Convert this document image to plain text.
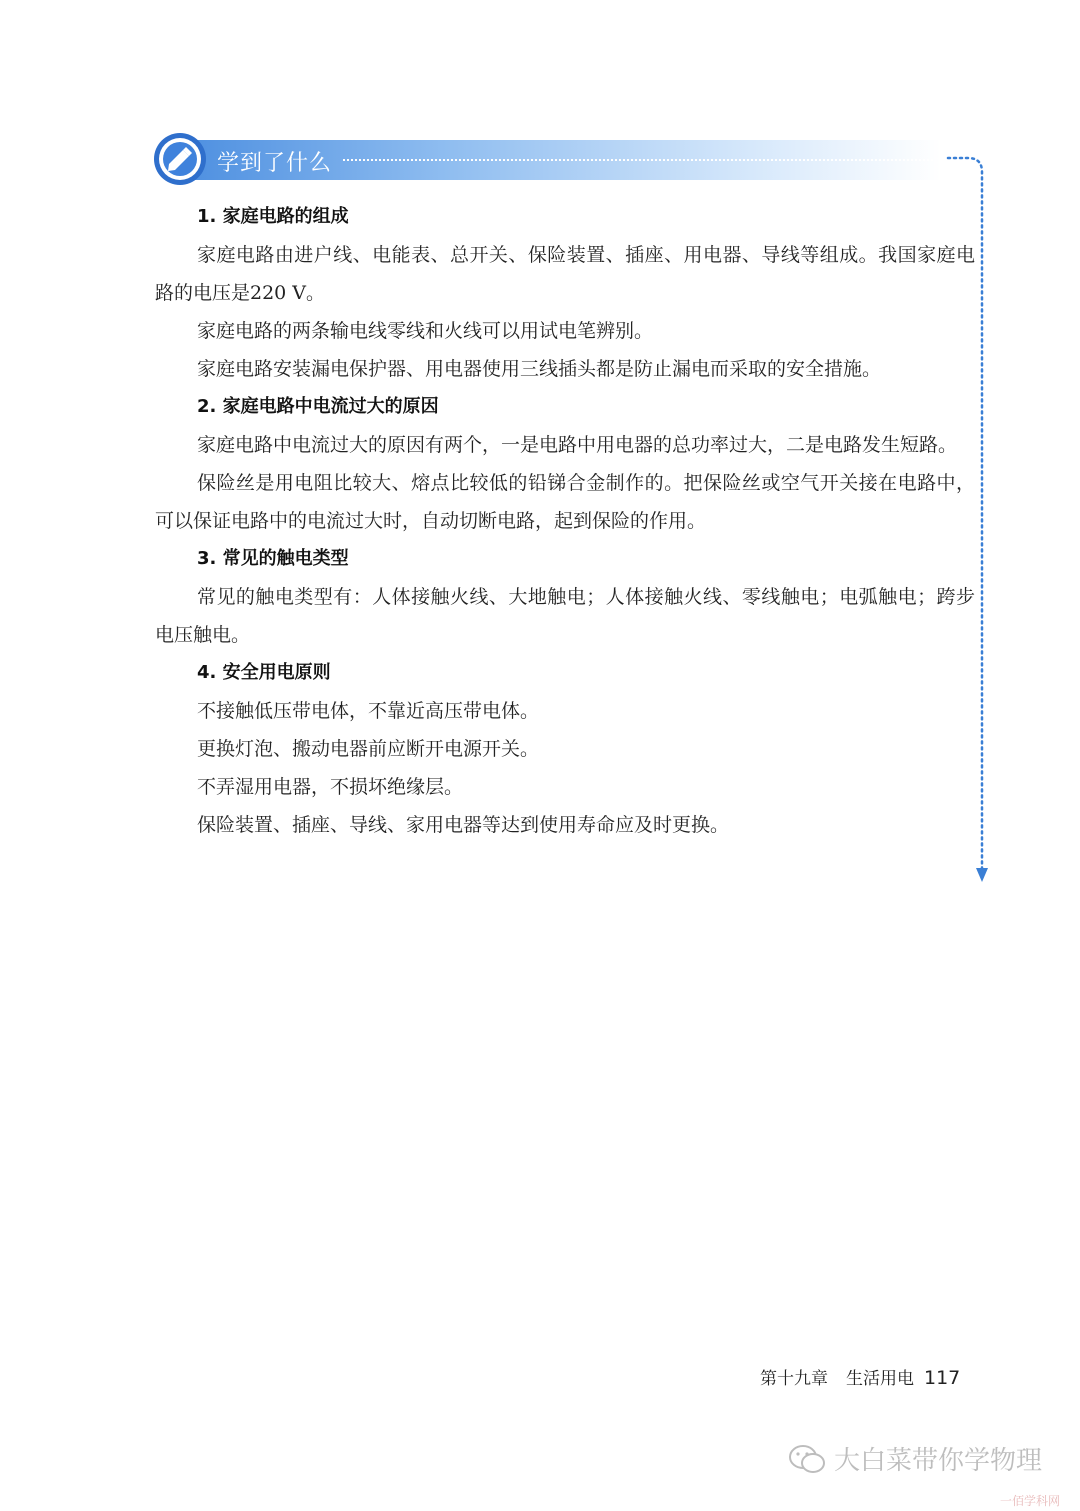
学到了什么
1. 家庭电路的组成
家庭电路由进户线、电能表、总开关、保险装置、插座、用电器、导线等组成。我国家庭电路的电压是220 V。
家庭电路的两条输电线零线和火线可以用试电笔辨别。
家庭电路安装漏电保护器、用电器使用三线插头都是防止漏电而采取的安全措施。
2. 家庭电路中电流过大的原因
家庭电路中电流过大的原因有两个，一是电路中用电器的总功率过大，二是电路发生短路。
保险丝是用电阻比较大、熔点比较低的铅锑合金制作的。把保险丝或空气开关接在电路中，可以保证电路中的电流过大时，自动切断电路，起到保险的作用。
3. 常见的触电类型
常见的触电类型有：人体接触火线、大地触电；人体接触火线、零线触电；电弧触电；跨步电压触电。
4. 安全用电原则
不接触低压带电体，不靠近高压带电体。
更换灯泡、搬动电器前应断开电源开关。
不弄湿用电器，不损坏绝缘层。
保险装置、插座、导线、家用电器等达到使用寿命应及时更换。
第十九章 生活用电 117
大白菜带你学物理
一佰学科网
